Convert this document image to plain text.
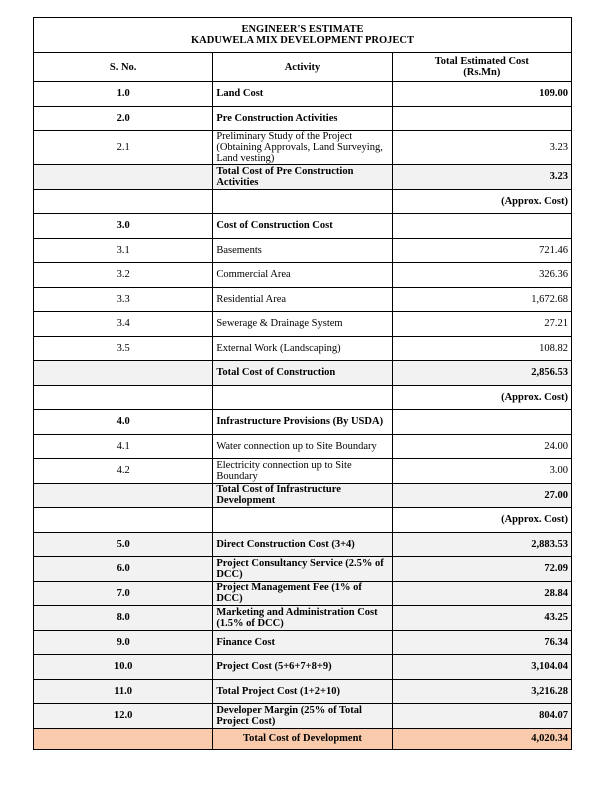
ENGINEER'S ESTIMATE
KADUWELA MIX DEVELOPMENT PROJECT		

S. No.	Activity	Total Estimated Cost
(Rs.Mn)

1.0	Land Cost	109.00
2.0	Pre Construction Activities	
2.1	Preliminary Study of the Project (Obtaining Approvals, Land Surveying, Land vesting)	3.23
	Total Cost of Pre Construction Activities	3.23
		(Approx. Cost)
3.0	Cost of Construction Cost	
3.1	Basements	721.46
3.2	Commercial Area	326.36
3.3	Residential Area	1,672.68
3.4	Sewerage & Drainage System	27.21
3.5	External Work (Landscaping)	108.82
	Total Cost of Construction	2,856.53
		(Approx. Cost)
4.0	Infrastructure Provisions (By USDA)	
4.1	Water connection up to Site Boundary	24.00
4.2	Electricity connection up to Site Boundary	3.00
	Total Cost of Infrastructure Development	27.00
		(Approx. Cost)
5.0	Direct Construction Cost (3+4)	2,883.53
6.0	Project Consultancy Service (2.5% of DCC)	72.09
7.0	Project Management Fee (1% of DCC)	28.84
8.0	Marketing and Administration Cost (1.5% of DCC)	43.25
9.0	Finance Cost	76.34
10.0	Project Cost (5+6+7+8+9)	3,104.04
11.0	Total Project Cost (1+2+10)	3,216.28
12.0	Developer Margin (25% of Total Project Cost)	804.07
	Total Cost of Development	4,020.34
